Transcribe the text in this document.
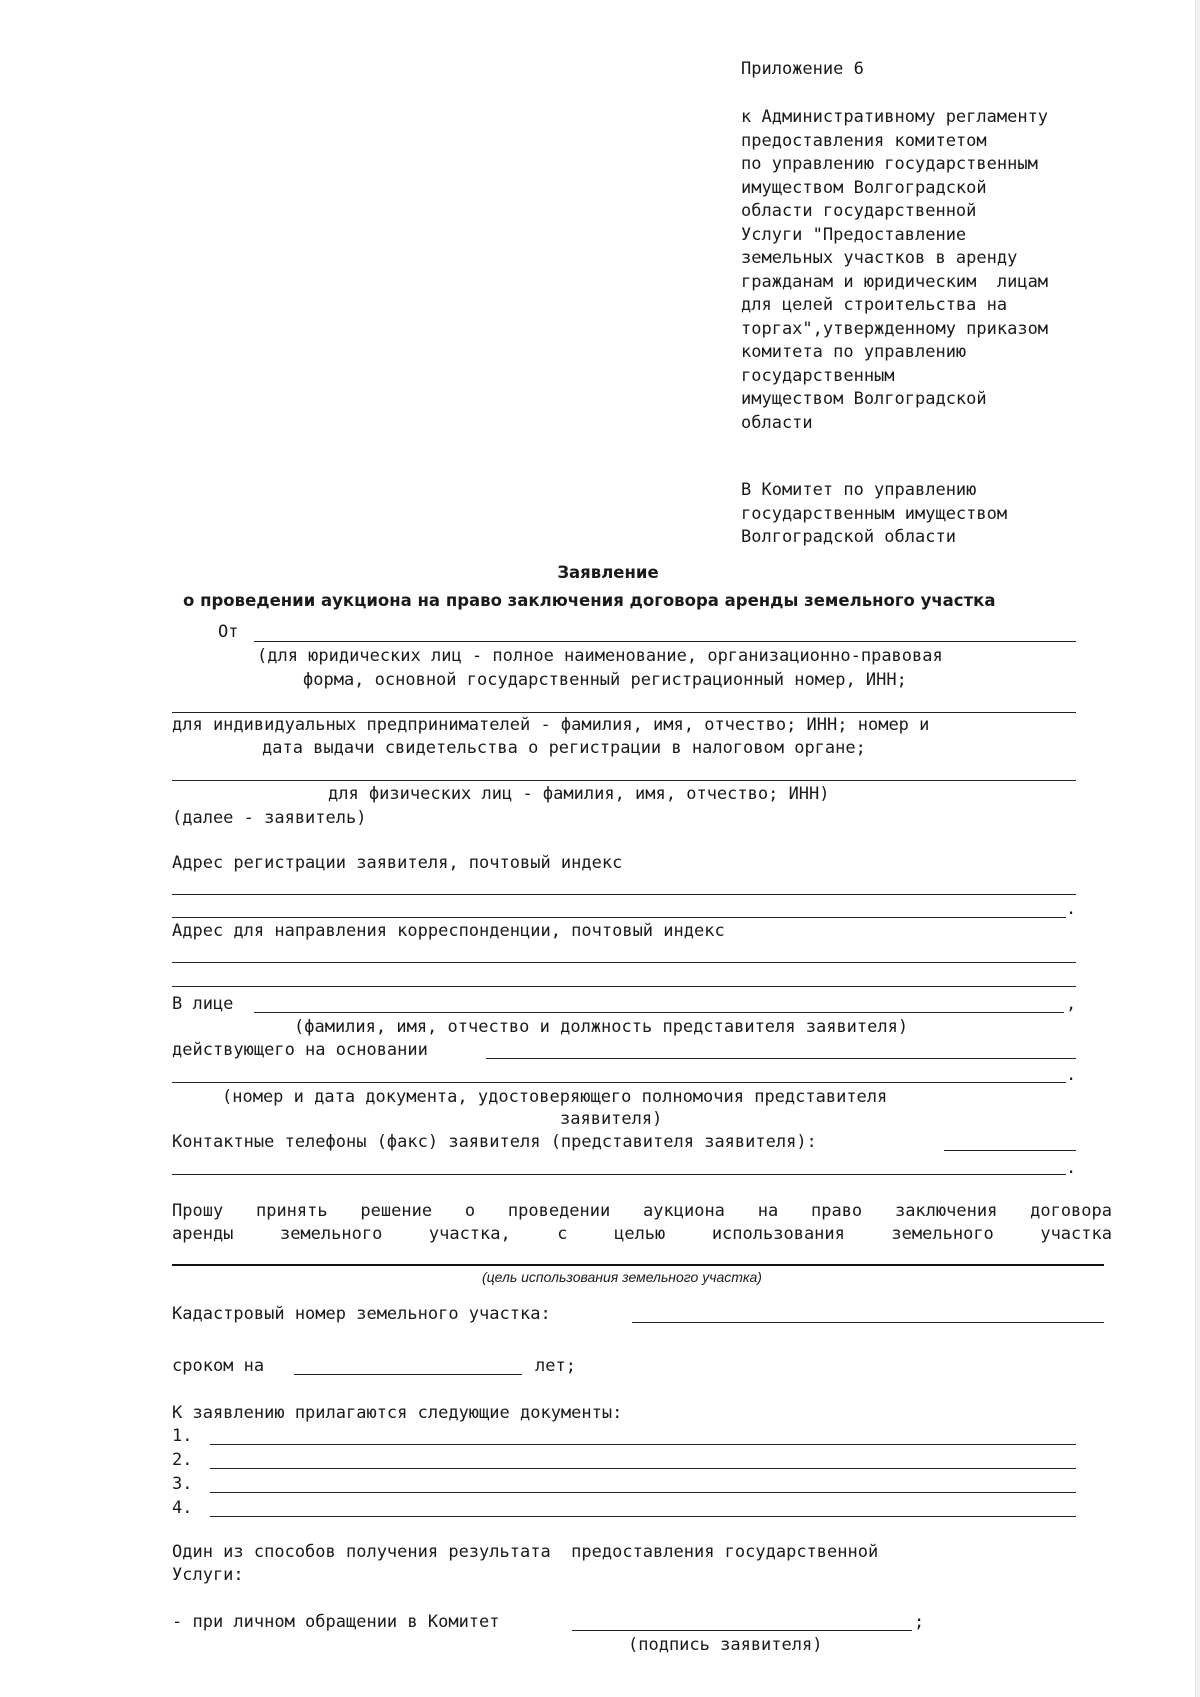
Приложение 6
к Административному регламенту
предоставления комитетом
по управлению государственным
имуществом Волгоградской
области государственной
Услуги "Предоставление
земельных участков в аренду
гражданам и юридическим  лицам
для целей строительства на
торгах",утвержденному приказом
комитета по управлению
государственным
имуществом Волгоградской
области
В Комитет по управлению
государственным имуществом
Волгоградской области
Заявление
о проведении аукциона на право заключения договора аренды земельного участка
От
(для юридических лиц - полное наименование, организационно-правовая
форма, основной государственный регистрационный номер, ИНН;
для индивидуальных предпринимателей - фамилия, имя, отчество; ИНН; номер и
дата выдачи свидетельства о регистрации в налоговом органе;
для физических лиц - фамилия, имя, отчество; ИНН)
(далее - заявитель)
Адрес регистрации заявителя, почтовый индекс
.
Адрес для направления корреспонденции, почтовый индекс
В лице	,
(фамилия, имя, отчество и должность представителя заявителя)
действующего на основании
.
(номер и дата документа, удостоверяющего полномочия представителя
заявителя)
Контактные телефоны (факс) заявителя (представителя заявителя):
.
Прошу принять решение о проведении аукциона на право заключения договора
аренды земельного участка, с целью использования земельного участка
(цель использования земельного участка)
Кадастровый номер земельного участка:
сроком на	лет;
К заявлению прилагаются следующие документы:
1.
2.
3.
4.
Один из способов получения результата  предоставления государственной
Услуги:
- при личном обращении в Комитет	;
(подпись заявителя)
